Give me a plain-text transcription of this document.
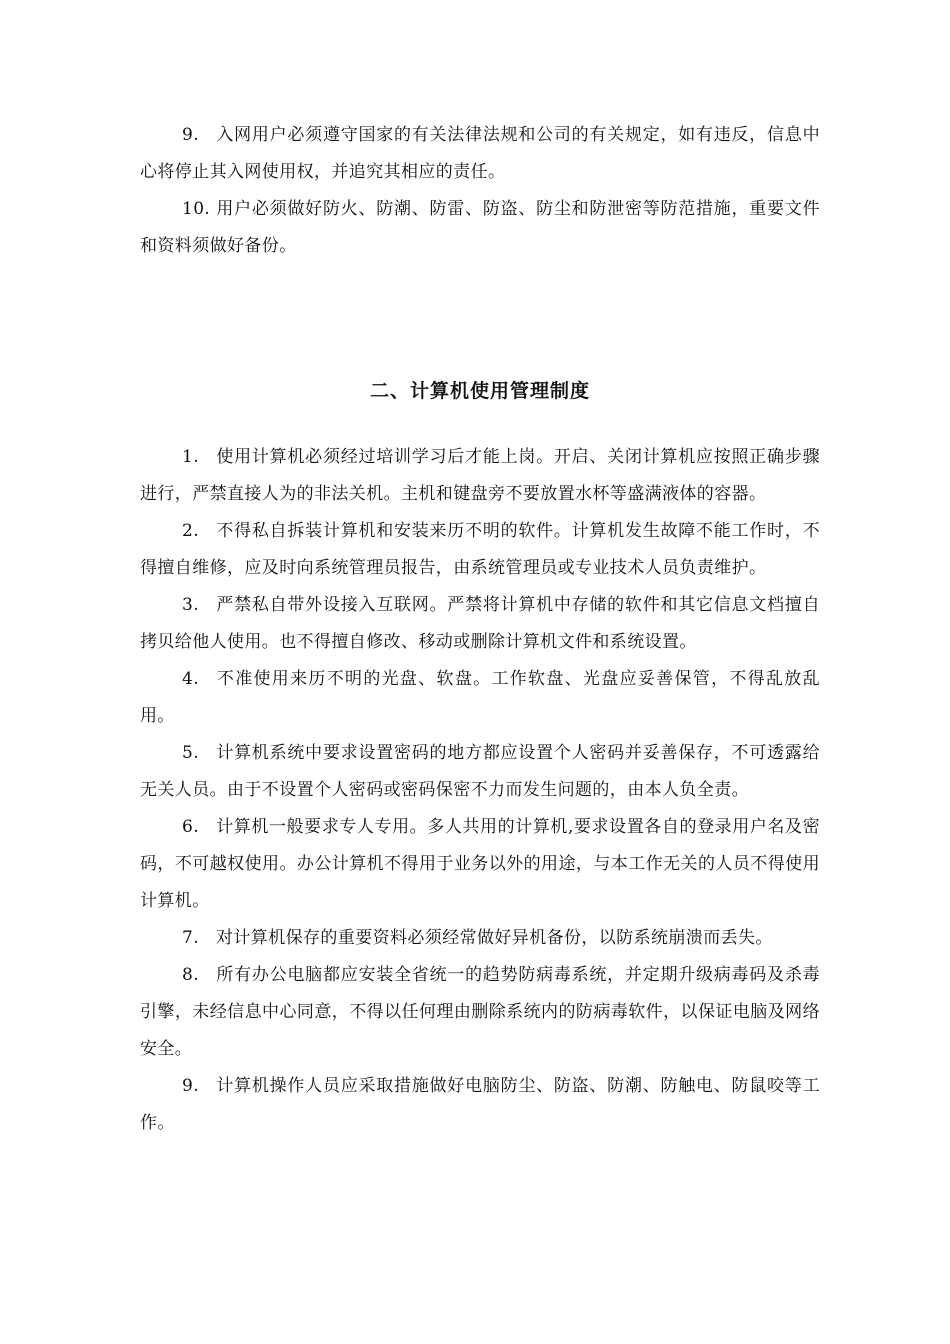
9. 入网用户必须遵守国家的有关法律法规和公司的有关规定，如有违反，信息中心将停止其入网使用权，并追究其相应的责任。

10. 用户必须做好防火、防潮、防雷、防盗、防尘和防泄密等防范措施，重要文件和资料须做好备份。

二、计算机使用管理制度

1. 使用计算机必须经过培训学习后才能上岗。开启、关闭计算机应按照正确步骤进行，严禁直接人为的非法关机。主机和键盘旁不要放置水杯等盛满液体的容器。

2. 不得私自拆装计算机和安装来历不明的软件。计算机发生故障不能工作时，不得擅自维修，应及时向系统管理员报告，由系统管理员或专业技术人员负责维护。

3. 严禁私自带外设接入互联网。严禁将计算机中存储的软件和其它信息文档擅自拷贝给他人使用。也不得擅自修改、移动或删除计算机文件和系统设置。

4. 不准使用来历不明的光盘、软盘。工作软盘、光盘应妥善保管，不得乱放乱用。

5. 计算机系统中要求设置密码的地方都应设置个人密码并妥善保存，不可透露给无关人员。由于不设置个人密码或密码保密不力而发生问题的，由本人负全责。

6. 计算机一般要求专人专用。多人共用的计算机,要求设置各自的登录用户名及密码，不可越权使用。办公计算机不得用于业务以外的用途，与本工作无关的人员不得使用计算机。

7. 对计算机保存的重要资料必须经常做好异机备份，以防系统崩溃而丢失。

8. 所有办公电脑都应安装全省统一的趋势防病毒系统，并定期升级病毒码及杀毒引擎，未经信息中心同意，不得以任何理由删除系统内的防病毒软件，以保证电脑及网络安全。

9. 计算机操作人员应采取措施做好电脑防尘、防盗、防潮、防触电、防鼠咬等工作。
